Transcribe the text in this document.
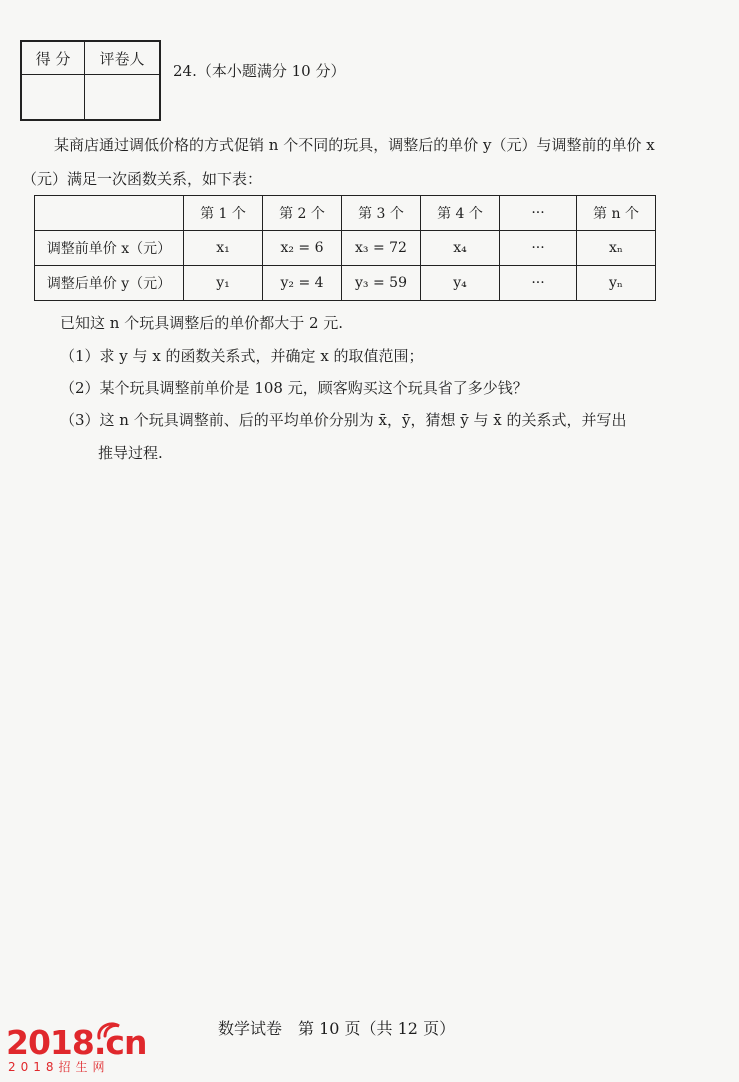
得 分	评卷人

24.（本小题满分 10 分）
某商店通过调低价格的方式促销 n 个不同的玩具，调整后的单价 y（元）与调整前的单价 x（元）满足一次函数关系，如下表：
	第 1 个	第 2 个	第 3 个	第 4 个	···	第 n 个
调整前单价 x（元）	x₁	x₂ = 6	x₃ = 72	x₄	···	xₙ
调整后单价 y（元）	y₁	y₂ = 4	y₃ = 59	y₄	···	yₙ
已知这 n 个玩具调整后的单价都大于 2 元.
（1）求 y 与 x 的函数关系式，并确定 x 的取值范围；
（2）某个玩具调整前单价是 108 元，顾客购买这个玩具省了多少钱？
（3）这 n 个玩具调整前、后的平均单价分别为 x̄，ȳ，猜想 ȳ 与 x̄ 的关系式，并写出
推导过程.
数学试卷　第 10 页（共 12 页）
2018.cn
2018招生网
